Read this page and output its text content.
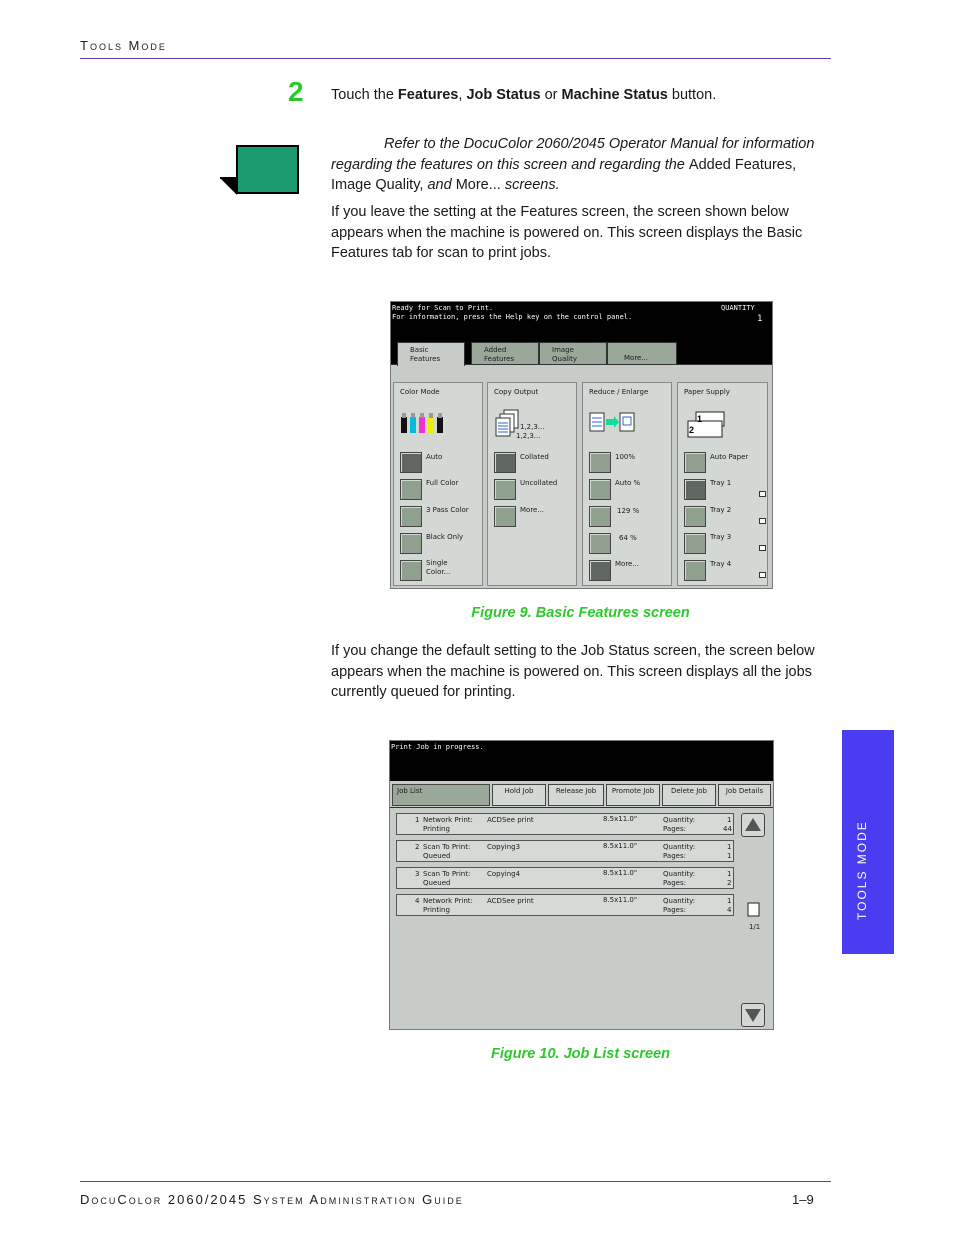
Tools Mode
2 Touch the Features, Job Status or Machine Status button.
Refer to the DocuColor 2060/2045 Operator Manual for information regarding the features on this screen and regarding the Added Features, Image Quality, and More... screens.
If you leave the setting at the Features screen, the screen shown below appears when the machine is powered on. This screen displays the Basic Features tab for scan to print jobs.
Ready for Scan to Print.
For information, press the Help key on the control panel.
QUANTITY
1
Basic Features
Added Features
Image Quality	More...
Color Mode
Auto
Full Color
3 Pass Color
Black Only
Single Color...
Copy Output
1,2,3...
1,2,3...
Collated
Uncollated
More...
Reduce / Enlarge
100%
Auto %
129 %
64 %
More...
Paper Supply
1
2
Auto Paper
Tray 1
Tray 2
Tray 3
Tray 4
Figure 9. Basic Features screen
If you change the default setting to the Job Status screen, the screen below appears when the machine is powered on. This screen displays all the jobs currently queued for printing.
Print Job in progress.
Job List	Hold Job	Release Job	Promote Job	Delete Job	Job Details
1 Network Print: ACDSee print
Printing
8.5x11.0"	Quantity:	1
Pages:	44
2 Scan To Print: Copying3
Queued
8.5x11.0"	Quantity:	1
Pages:	1
3 Scan To Print: Copying4
Queued
8.5x11.0"	Quantity:	1
Pages:	2
4 Network Print: ACDSee print
Printing
8.5x11.0"	Quantity:	1
Pages:	4
1/1
Figure 10. Job List screen
TOOLS MODE
DocuColor 2060/2045 System Administration Guide	1–9
